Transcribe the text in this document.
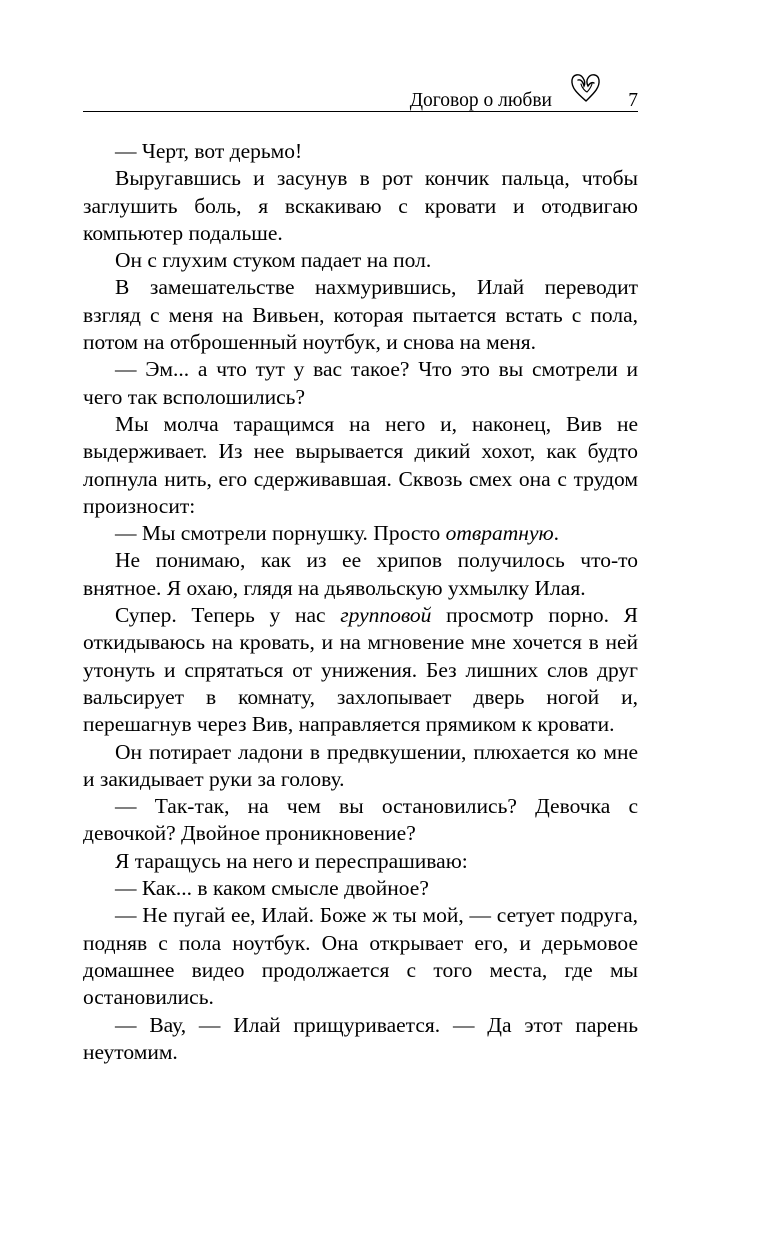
Договор о любви	7

— Черт, вот дерьмо!

Выругавшись и засунув в рот кончик пальца, чтобы заглушить боль, я вскакиваю с кровати и отодвигаю компьютер подальше.

Он с глухим стуком падает на пол.

В замешательстве нахмурившись, Илай переводит взгляд с меня на Вивьен, которая пытается встать с пола, потом на отброшенный ноутбук, и снова на меня.

— Эм... а что тут у вас такое? Что это вы смотрели и чего так всполошились?

Мы молча таращимся на него и, наконец, Вив не выдерживает. Из нее вырывается дикий хохот, как будто лопнула нить, его сдерживавшая. Сквозь смех она с трудом произносит:

— Мы смотрели порнушку. Просто отвратную.

Не понимаю, как из ее хрипов получилось что-то внятное. Я охаю, глядя на дьявольскую ухмылку Илая.

Супер. Теперь у нас групповой просмотр порно. Я откидываюсь на кровать, и на мгновение мне хочется в ней утонуть и спрятаться от унижения. Без лишних слов друг вальсирует в комнату, захлопывает дверь ногой и, перешагнув через Вив, направляется прямиком к кровати.

Он потирает ладони в предвкушении, плюхается ко мне и закидывает руки за голову.

— Так-так, на чем вы остановились? Девочка с девочкой? Двойное проникновение?

Я таращусь на него и переспрашиваю:

— Как... в каком смысле двойное?

— Не пугай ее, Илай. Боже ж ты мой, — сетует подруга, подняв с пола ноутбук. Она открывает его, и дерьмовое домашнее видео продолжается с того места, где мы остановились.

— Вау, — Илай прищуривается. — Да этот парень неутомим.
